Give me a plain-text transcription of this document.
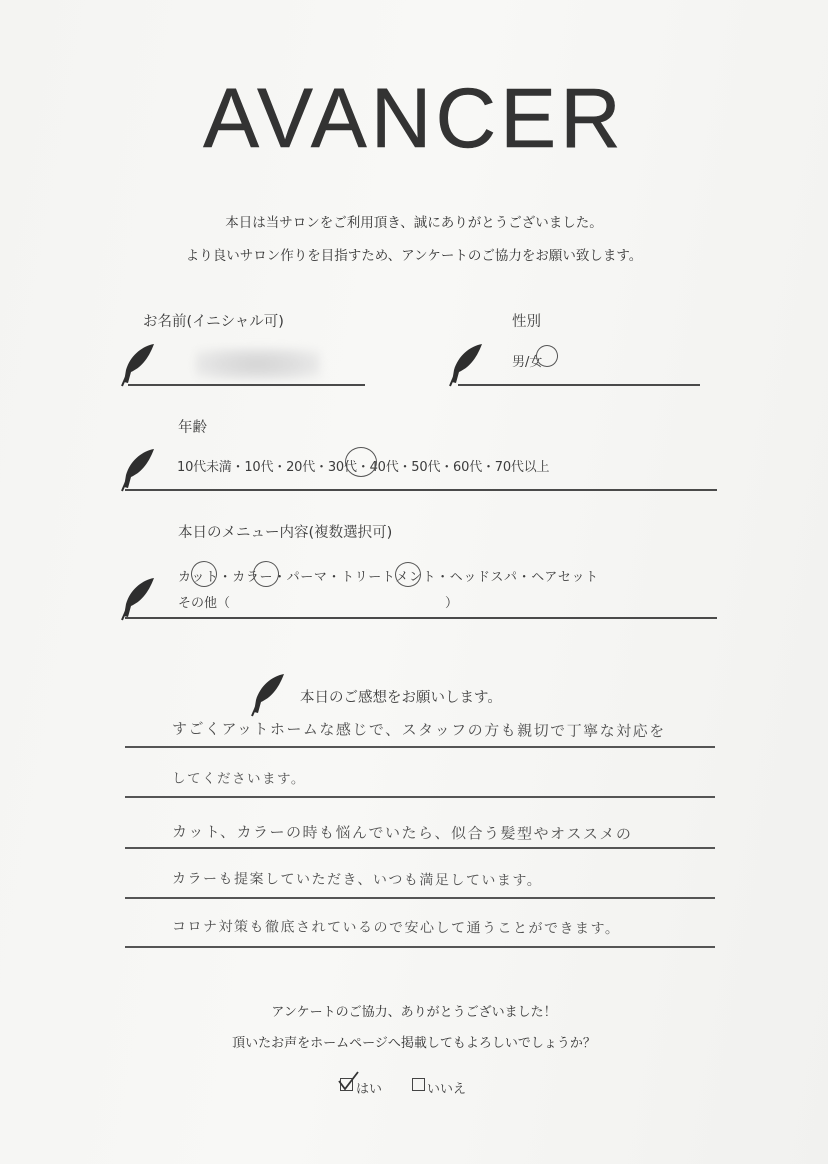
AVANCER
本日は当サロンをご利用頂き、誠にありがとうございました。
より良いサロン作りを目指すため、アンケートのご協力をお願い致します。
お名前(イニシャル可)	性別
男/女
年齢
10代未満・10代・20代・30代・40代・50代・60代・70代以上
本日のメニュー内容(複数選択可)
カット・カラー・パーマ・トリートメント・ヘッドスパ・ヘアセット
その他（	）
本日のご感想をお願いします。
すごくアットホームな感じで、スタッフの方も親切で丁寧な対応を
してくださいます。
カット、カラーの時も悩んでいたら、似合う髪型やオススメの
カラーも提案していただき、いつも満足しています。
コロナ対策も徹底されているので安心して通うことができます。
アンケートのご協力、ありがとうございました！
頂いたお声をホームページへ掲載してもよろしいでしょうか？
はい	いいえ
